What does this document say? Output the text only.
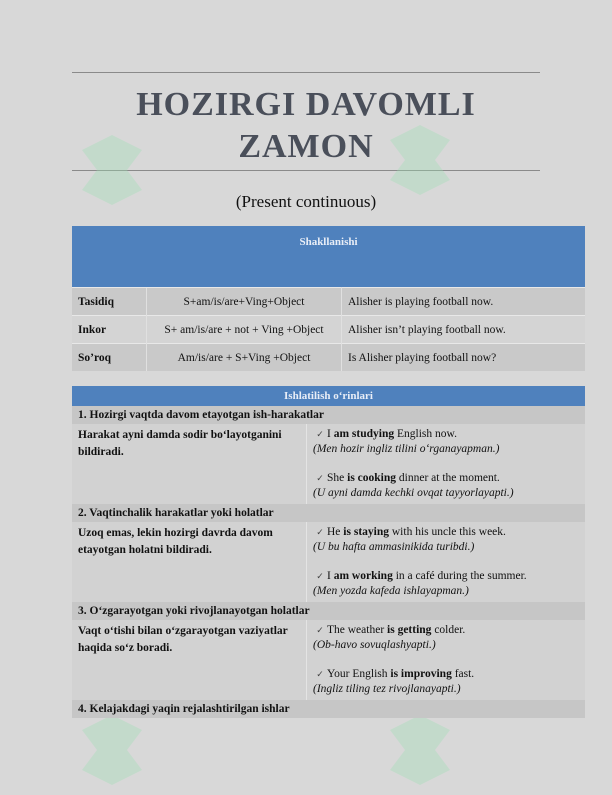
HOZIRGI DAVOMLI
ZAMON
(Present continuous)
Shakllanishi		
Tasidiq	S+am/is/are+Ving+Object	Alisher is playing football now.
Inkor	S+ am/is/are + not + Ving +Object	Alisher isn’t playing football now.
So’roq	Am/is/are + S+Ving +Object	Is Alisher playing football now?
Ishlatilish o‘rinlari	
1. Hozirgi vaqtda davom etayotgan ish-harakatlar	
Harakat ayni damda sodir bo‘layotganini bildiradi.	✓ I am studying English now.

(Men hozir ingliz tilini o‘rganayapman.)

✓ She is cooking dinner at the moment.

(U ayni damda kechki ovqat tayyorlayapti.)

2. Vaqtinchalik harakatlar yoki holatlar	
Uzoq emas, lekin hozirgi davrda davom etayotgan holatni bildiradi.	✓ He is staying with his uncle this week.

(U bu hafta ammasinikida turibdi.)

✓ I am working in a café during the summer.

(Men yozda kafeda ishlayapman.)

3. O‘zgarayotgan yoki rivojlanayotgan holatlar	
Vaqt o‘tishi bilan o‘zgarayotgan vaziyatlar haqida so‘z boradi.	✓ The weather is getting colder.

(Ob-havo sovuqlashyapti.)

✓ Your English is improving fast.

(Ingliz tiling tez rivojlanayapti.)

4. Kelajakdagi yaqin rejalashtirilgan ishlar	
